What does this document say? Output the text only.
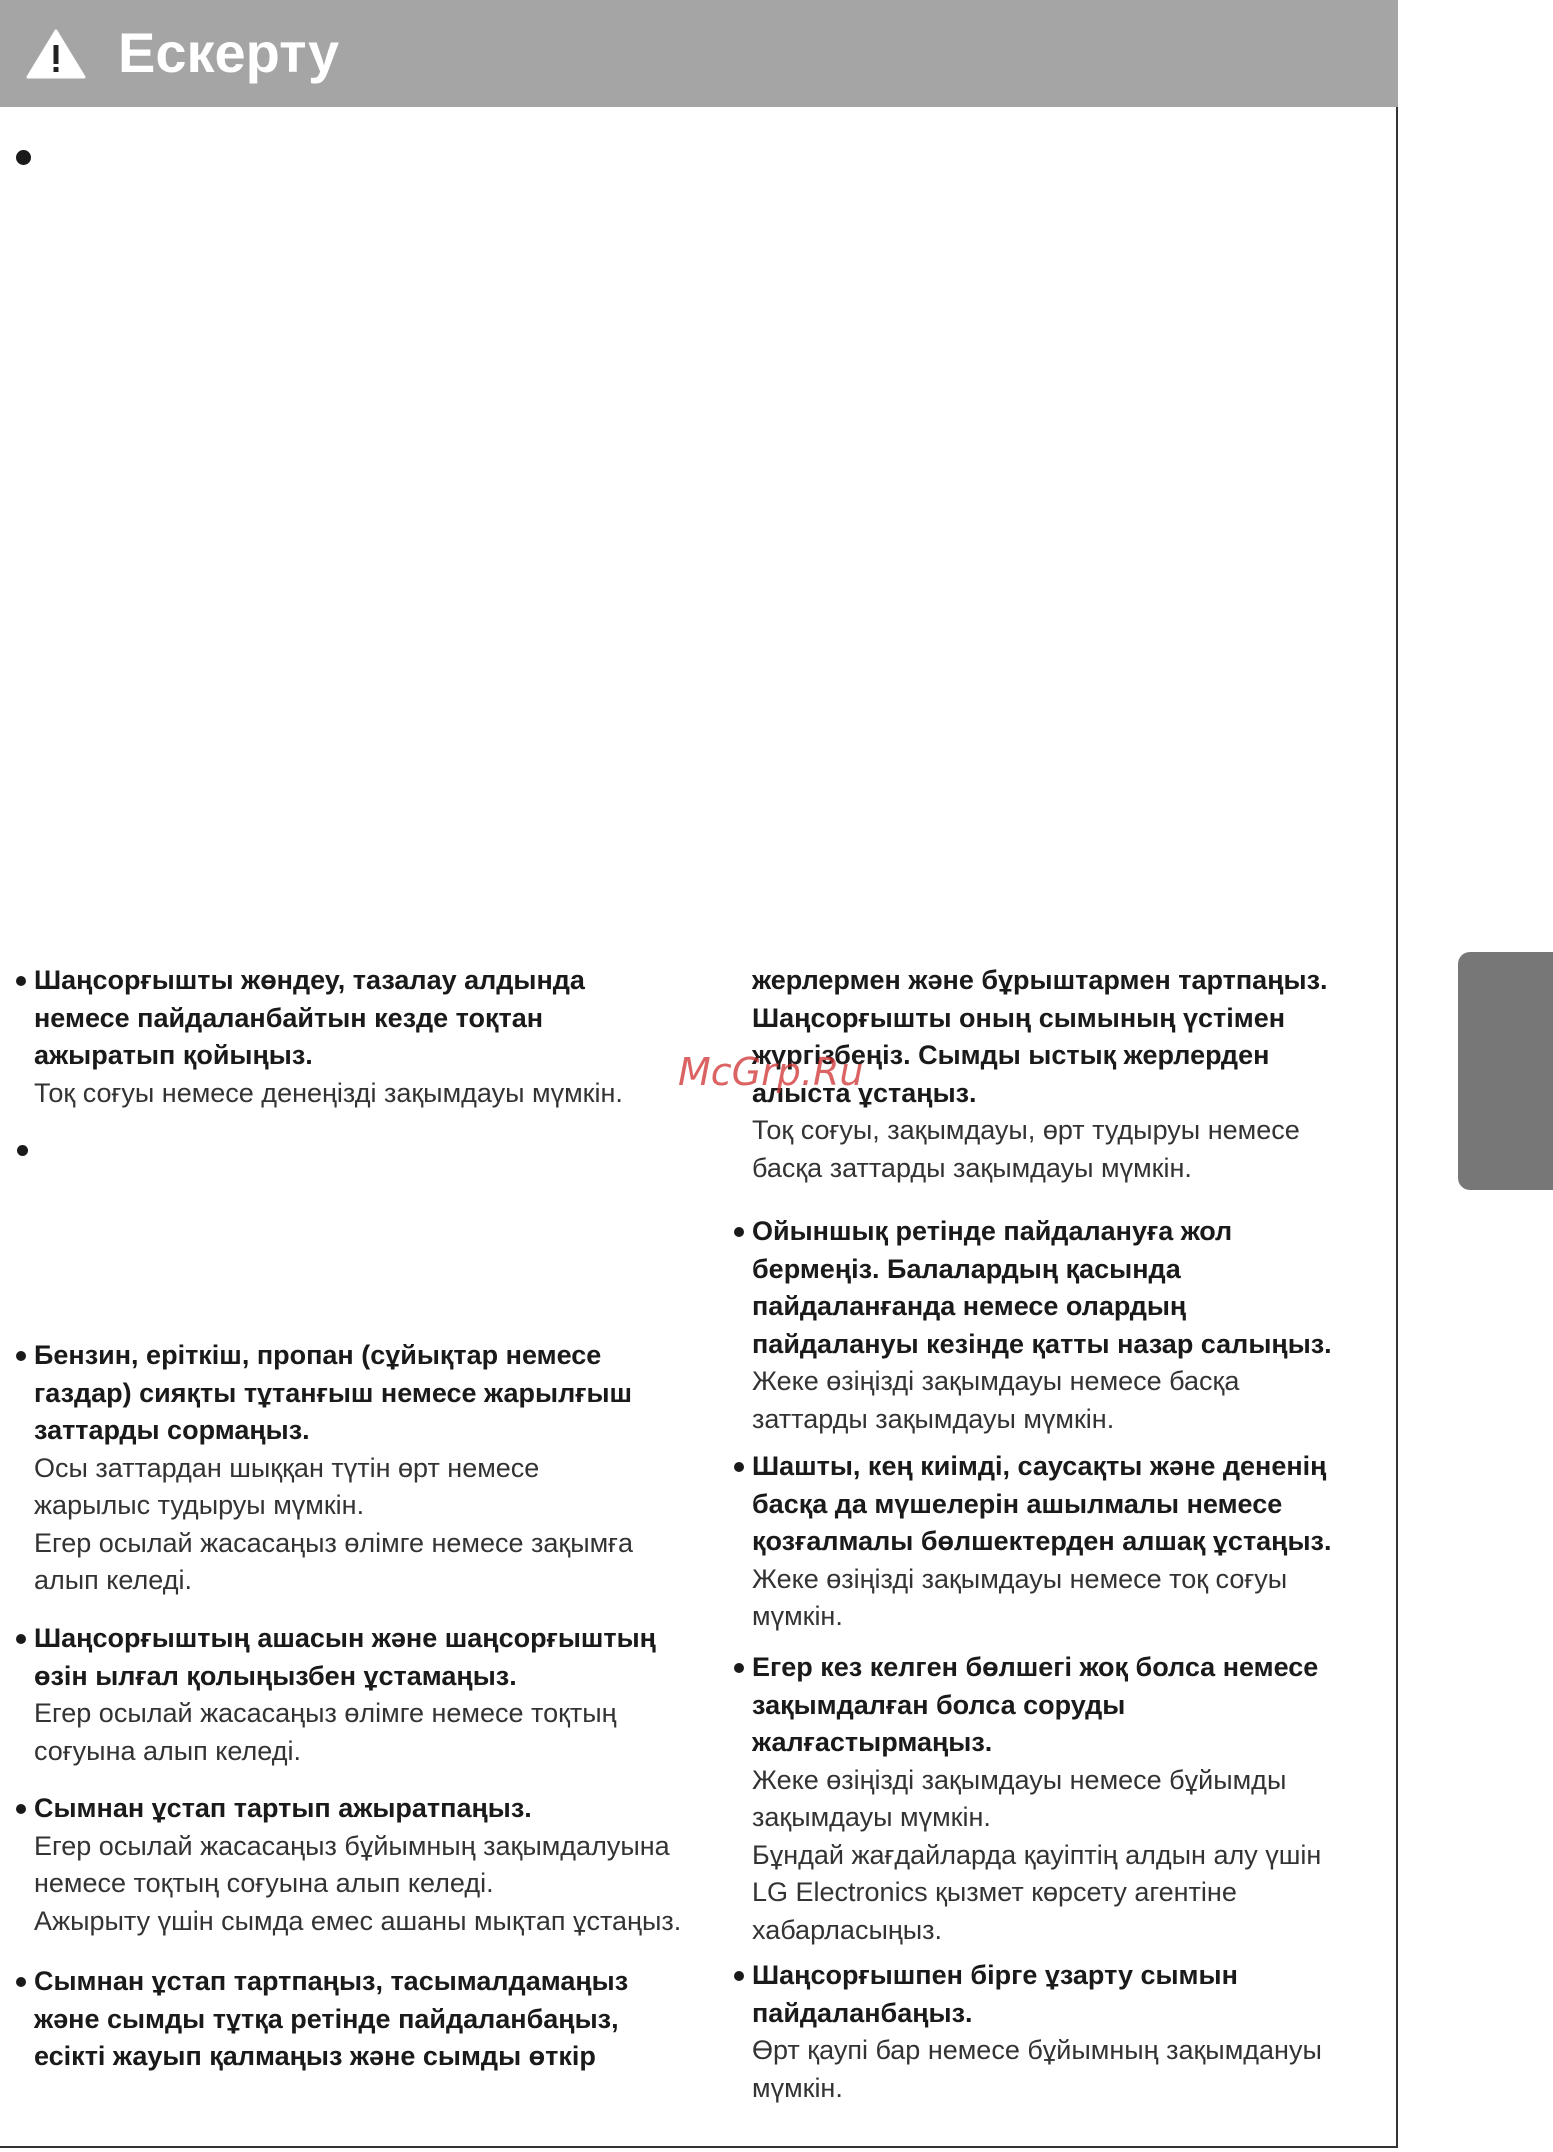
Ескерту
Шаңсорғышты жөндеу, тазалау алдында
немесе пайдаланбайтын кезде тоқтан
ажыратып қойыңыз.
Тоқ соғуы немесе денеңізді зақымдауы мүмкін.
Бензин, еріткіш, пропан (сұйықтар немесе
газдар) сияқты тұтанғыш немесе жарылғыш
заттарды сормаңыз.
Осы заттардан шыққан түтін өрт немесе
жарылыс тудыруы мүмкін.
Егер осылай жасасаңыз өлімге немесе зақымға
алып келеді.
Шаңсорғыштың ашасын және шаңсорғыштың
өзін ылғал қолыңызбен ұстамаңыз.
Егер осылай жасасаңыз өлімге немесе тоқтың
соғуына алып келеді.
Сымнан ұстап тартып ажыратпаңыз.
Егер осылай жасасаңыз бұйымның зақымдалуына
немесе тоқтың соғуына алып келеді.
Ажырыту үшін сымда емес ашаны мықтап ұстаңыз.
Сымнан ұстап тартпаңыз, тасымалдамаңыз
және сымды тұтқа ретінде пайдаланбаңыз,
есікті жауып қалмаңыз және сымды өткір
жерлермен және бұрыштармен тартпаңыз.
Шаңсорғышты оның сымының үстімен
жүргізбеңіз. Сымды ыстық жерлерден
алыста ұстаңыз.
Тоқ соғуы, зақымдауы, өрт тудыруы немесе
басқа заттарды зақымдауы мүмкін.
Ойыншық ретінде пайдалануға жол
бермеңіз. Балалардың қасында
пайдаланғанда немесе олардың
пайдалануы кезінде қатты назар салыңыз.
Жеке өзіңізді зақымдауы немесе басқа
заттарды зақымдауы мүмкін.
Шашты, кең киімді, саусақты және дененің
басқа да мүшелерін ашылмалы немесе
қозғалмалы бөлшектерден алшақ ұстаңыз.
Жеке өзіңізді зақымдауы немесе тоқ соғуы
мүмкін.
Егер кез келген бөлшегі жоқ болса немесе
зақымдалған болса соруды
жалғастырмаңыз.
Жеке өзіңізді зақымдауы немесе бұйымды
зақымдауы мүмкін.
Бұндай жағдайларда қауіптің алдын алу үшін
LG Electronics қызмет көрсету агентіне
хабарласыңыз.
Шаңсорғышпен бірге ұзарту сымын
пайдаланбаңыз.
Өрт қаупі бар немесе бұйымның зақымдануы
мүмкін.
McGrp.Ru
